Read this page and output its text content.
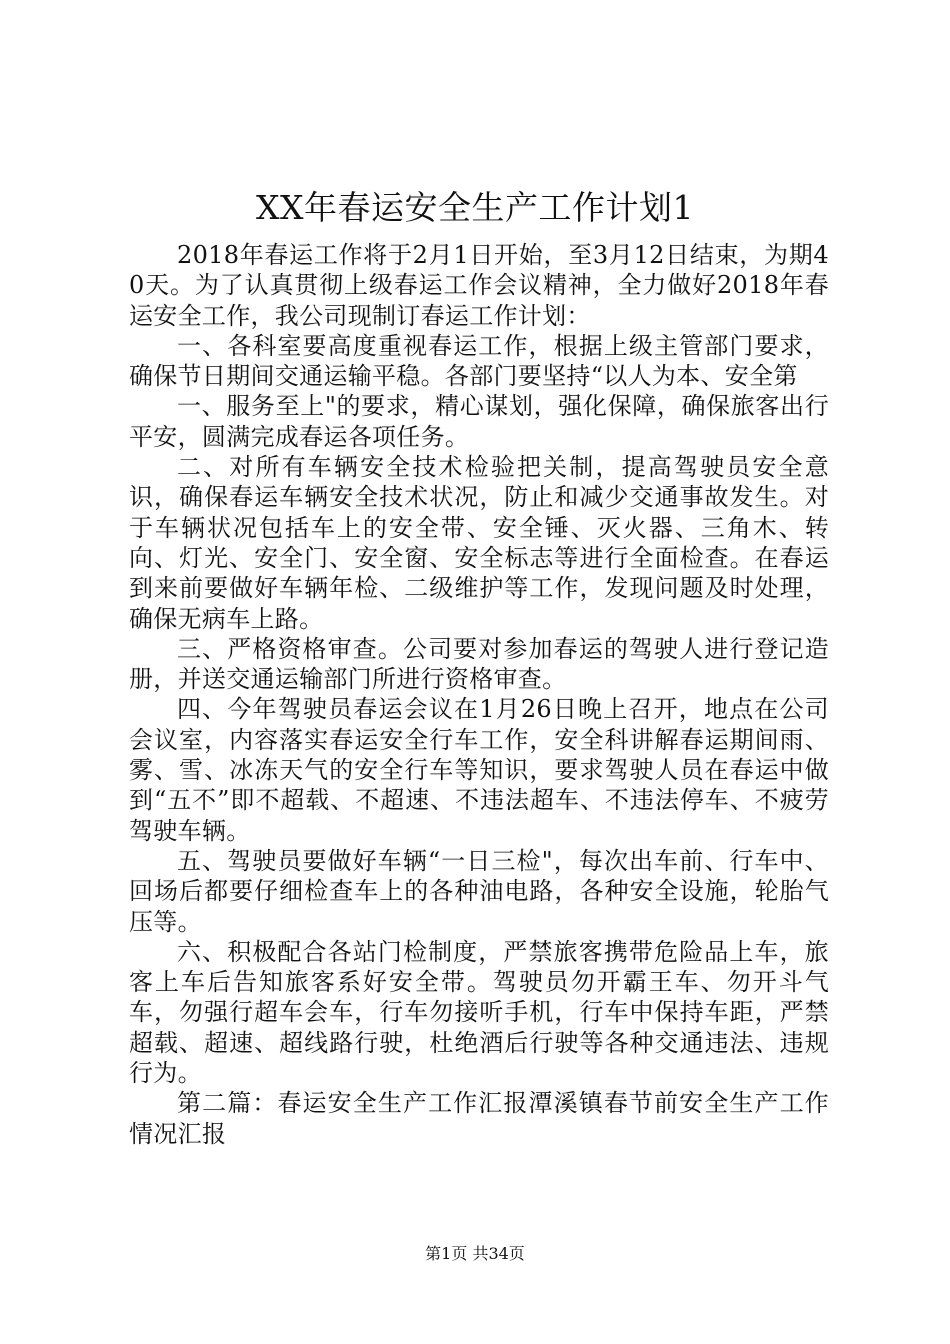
XX年春运安全生产工作计划1

2018年春运工作将于2月1日开始，至3月12日结束，为期40天。为了认真贯彻上级春运工作会议精神，全力做好2018年春运安全工作，我公司现制订春运工作计划：

一、各科室要高度重视春运工作，根据上级主管部门要求，确保节日期间交通运输平稳。各部门要坚持“以人为本、安全第

一、服务至上"的要求，精心谋划，强化保障，确保旅客出行平安，圆满完成春运各项任务。

二、对所有车辆安全技术检验把关制，提高驾驶员安全意识，确保春运车辆安全技术状况，防止和减少交通事故发生。对于车辆状况包括车上的安全带、安全锤、灭火器、三角木、转向、灯光、安全门、安全窗、安全标志等进行全面检查。在春运到来前要做好车辆年检、二级维护等工作，发现问题及时处理，确保无病车上路。

三、严格资格审查。公司要对参加春运的驾驶人进行登记造册，并送交通运输部门所进行资格审查。

四、今年驾驶员春运会议在1月26日晚上召开，地点在公司会议室，内容落实春运安全行车工作，安全科讲解春运期间雨、雾、雪、冰冻天气的安全行车等知识，要求驾驶人员在春运中做到“五不”即不超载、不超速、不违法超车、不违法停车、不疲劳驾驶车辆。

五、驾驶员要做好车辆“一日三检"，每次出车前、行车中、回场后都要仔细检查车上的各种油电路，各种安全设施，轮胎气压等。

六、积极配合各站门检制度，严禁旅客携带危险品上车，旅客上车后告知旅客系好安全带。驾驶员勿开霸王车、勿开斗气车，勿强行超车会车，行车勿接听手机，行车中保持车距，严禁超载、超速、超线路行驶，杜绝酒后行驶等各种交通违法、违规行为。

第二篇：春运安全生产工作汇报潭溪镇春节前安全生产工作情况汇报

第1页 共34页
